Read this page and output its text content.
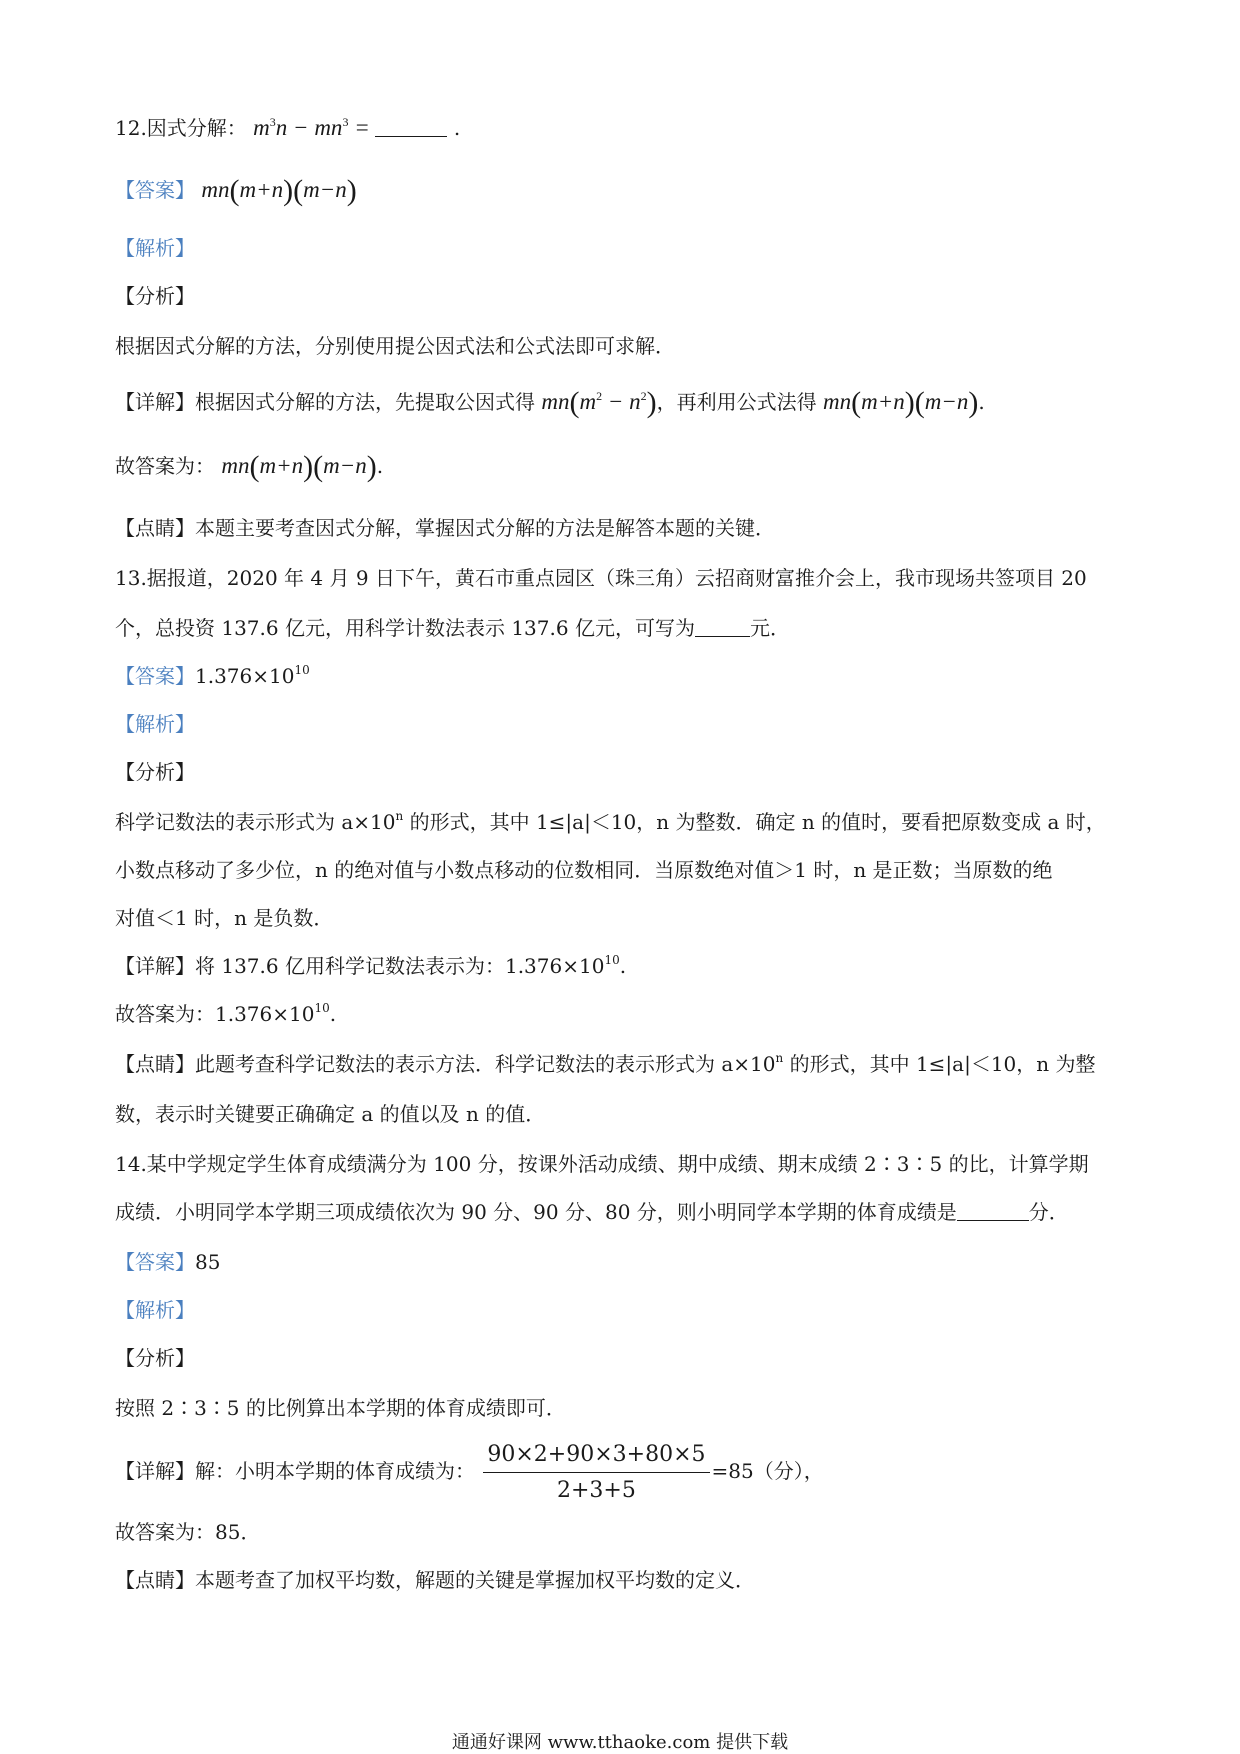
12.因式分解： $m^3n - mn^3$ =	.
【答案】 mn(m+n)(m−n)
【解析】
【分析】
根据因式分解的方法，分别使用提公因式法和公式法即可求解．
【详解】根据因式分解的方法，先提取公因式得 $mn(m^2 - n^2)$，再利用公式法得 mn(m+n)(m−n).
故答案为： mn(m+n)(m−n).
【点睛】本题主要考查因式分解，掌握因式分解的方法是解答本题的关键．
13.据报道，2020 年 4 月 9 日下午，黄石市重点园区（珠三角）云招商财富推介会上，我市现场共签项目 20
个，总投资 137.6 亿元，用科学计数法表示 137.6 亿元，可写为	元．
【答案】$1.376\times 10^{10}$
【解析】
【分析】
科学记数法的表示形式为 $a\times 10^n$ 的形式，其中 1≤|a|＜10，n 为整数．确定 n 的值时，要看把原数变成 a 时，
小数点移动了多少位，n 的绝对值与小数点移动的位数相同．当原数绝对值＞1 时，n 是正数；当原数的绝
对值＜1 时，n 是负数．
【详解】将 137.6 亿用科学记数法表示为：$1.376\times 10^{10}$.
故答案为：$1.376\times 10^{10}$.
【点睛】此题考查科学记数法的表示方法．科学记数法的表示形式为 $a\times 10^n$ 的形式，其中 1≤|a|＜10，n 为整
数，表示时关键要正确确定 a 的值以及 n 的值．
14.某中学规定学生体育成绩满分为 100 分，按课外活动成绩、期中成绩、期末成绩 2∶3∶5 的比，计算学期
成绩．小明同学本学期三项成绩依次为 90 分、90 分、80 分，则小明同学本学期的体育成绩是	分．
【答案】85
【解析】
【分析】
按照 2∶3∶5 的比例算出本学期的体育成绩即可．
【详解】解：小明本学期的体育成绩为： $\frac{90\times 2+90\times 3+80\times 5}{2+3+5} =85$（分），
故答案为：85．
【点睛】本题考查了加权平均数，解题的关键是掌握加权平均数的定义．
通通好课网 www.tthaoke.com 提供下载
